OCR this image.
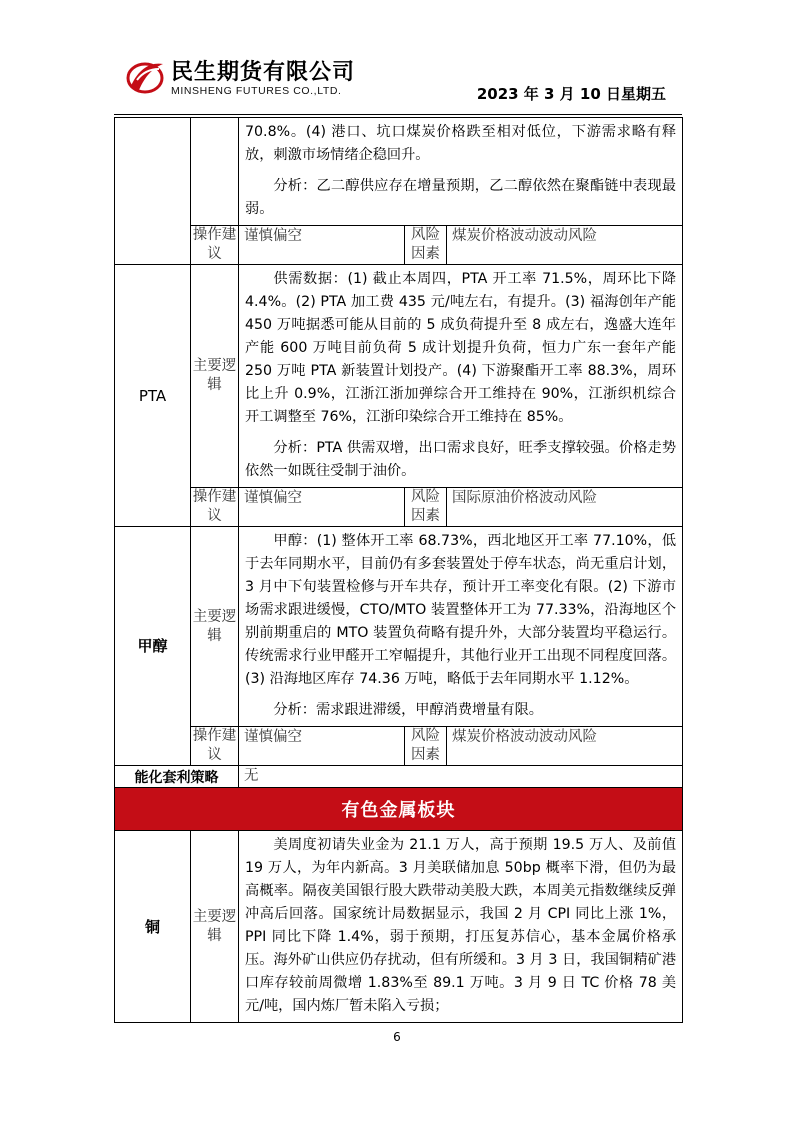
民生期货有限公司
MINSHENG FUTURES CO.,LTD.	2023 年 3 月 10 日星期五

		70.8%。(4) 港口、坑口煤炭价格跌至相对低位，下游需求略有释放，刺激市场情绪企稳回升。

分析：乙二醇供应存在增量预期，乙二醇依然在聚酯链中表现最弱。		

	操作建议	谨慎偏空	风险因素	煤炭价格波动波动风险
PTA	主要逻辑	供需数据：(1) 截止本周四，PTA 开工率 71.5%，周环比下降 4.4%。(2) PTA 加工费 435 元/吨左右，有提升。(3) 福海创年产能 450 万吨据悉可能从目前的 5 成负荷提升至 8 成左右，逸盛大连年产能 600 万吨目前负荷 5 成计划提升负荷，恒力广东一套年产能 250 万吨 PTA 新装置计划投产。(4) 下游聚酯开工率 88.3%，周环比上升 0.9%，江浙江浙加弹综合开工维持在 90%，江浙织机综合开工调整至 76%，江浙印染综合开工维持在 85%。

分析：PTA 供需双增，出口需求良好，旺季支撑较强。价格走势依然一如既往受制于油价。		

	操作建议	谨慎偏空	风险因素	国际原油价格波动风险
甲醇	主要逻辑	甲醇：(1) 整体开工率 68.73%，西北地区开工率 77.10%，低于去年同期水平，目前仍有多套装置处于停车状态，尚无重启计划，3 月中下旬装置检修与开车共存，预计开工率变化有限。(2) 下游市场需求跟进缓慢，CTO/MTO 装置整体开工为 77.33%，沿海地区个别前期重启的 MTO 装置负荷略有提升外，大部分装置均平稳运行。传统需求行业甲醛开工窄幅提升，其他行业开工出现不同程度回落。(3) 沿海地区库存 74.36 万吨，略低于去年同期水平 1.12%。

分析：需求跟进滞缓，甲醇消费增量有限。		

	操作建议	谨慎偏空	风险因素	煤炭价格波动波动风险
能化套利策略		无		
有色金属板块				
铜	主要逻辑	美周度初请失业金为 21.1 万人，高于预期 19.5 万人、及前值 19 万人，为年内新高。3 月美联储加息 50bp 概率下滑，但仍为最高概率。隔夜美国银行股大跌带动美股大跌，本周美元指数继续反弹冲高后回落。国家统计局数据显示，我国 2 月 CPI 同比上涨 1%，PPI 同比下降 1.4%，弱于预期，打压复苏信心，基本金属价格承压。海外矿山供应仍存扰动，但有所缓和。3 月 3 日，我国铜精矿港口库存较前周微增 1.83%至 89.1 万吨。3 月 9 日 TC 价格 78 美元/吨，国内炼厂暂未陷入亏损；		

6
